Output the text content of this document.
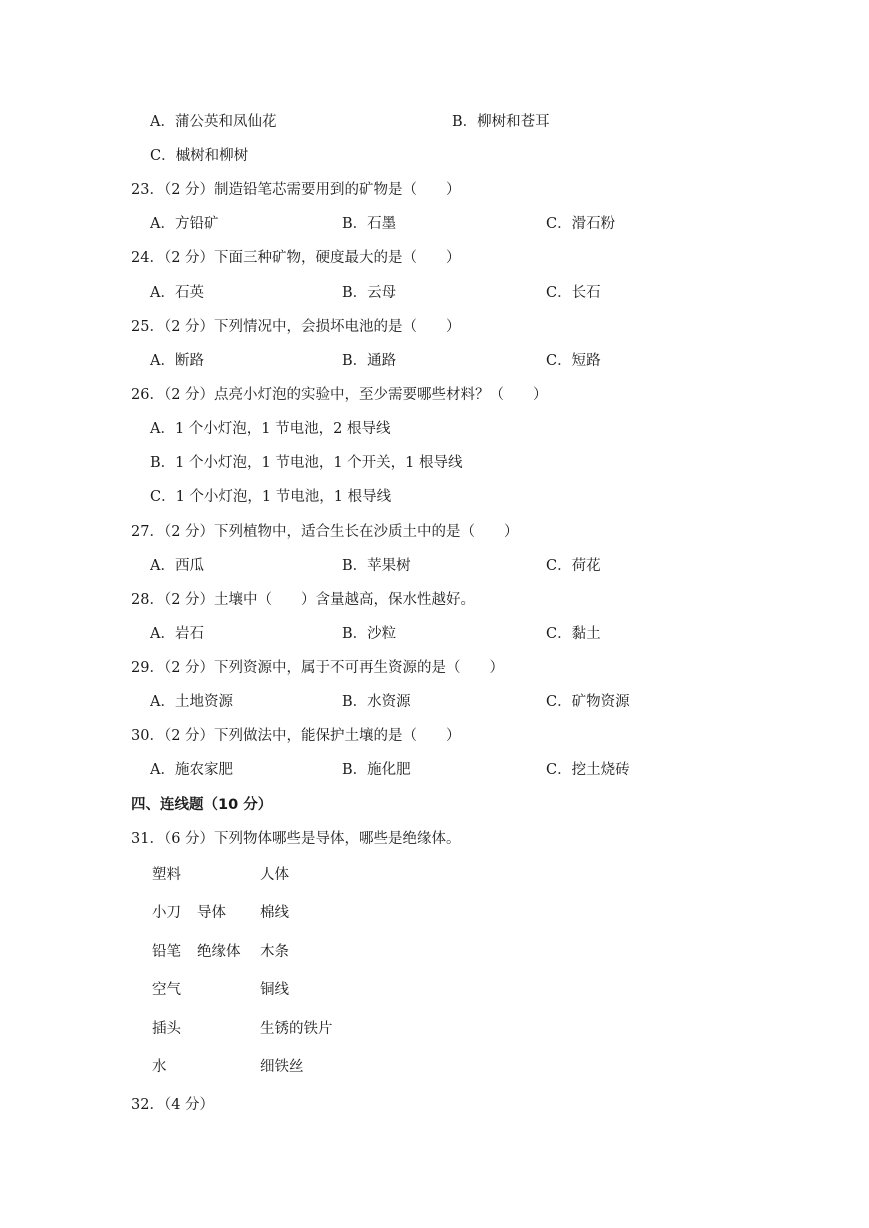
A．蒲公英和凤仙花	B．柳树和苍耳
C．槭树和柳树
23．（2 分）制造铅笔芯需要用到的矿物是（　　）
A．方铅矿	B．石墨	C．滑石粉
24．（2 分）下面三种矿物，硬度最大的是（　　）
A．石英	B．云母	C．长石
25．（2 分）下列情况中，会损坏电池的是（　　）
A．断路	B．通路	C．短路
26．（2 分）点亮小灯泡的实验中，至少需要哪些材料？（　　）
A．1 个小灯泡，1 节电池，2 根导线
B．1 个小灯泡，1 节电池，1 个开关，1 根导线
C．1 个小灯泡，1 节电池，1 根导线
27．（2 分）下列植物中，适合生长在沙质土中的是（　　）
A．西瓜	B．苹果树	C．荷花
28．（2 分）土壤中（　　）含量越高，保水性越好。
A．岩石	B．沙粒	C．黏土
29．（2 分）下列资源中，属于不可再生资源的是（　　）
A．土地资源	B．水资源	C．矿物资源
30．（2 分）下列做法中，能保护土壤的是（　　）
A．施农家肥	B．施化肥	C．挖土烧砖
四、连线题（10 分）
31．（6 分）下列物体哪些是导体，哪些是绝缘体。
塑料	人体
小刀 导体 棉线
铅笔 绝缘体 木条
空气	铜线
插头	生锈的铁片
水	细铁丝
32．（4 分）
